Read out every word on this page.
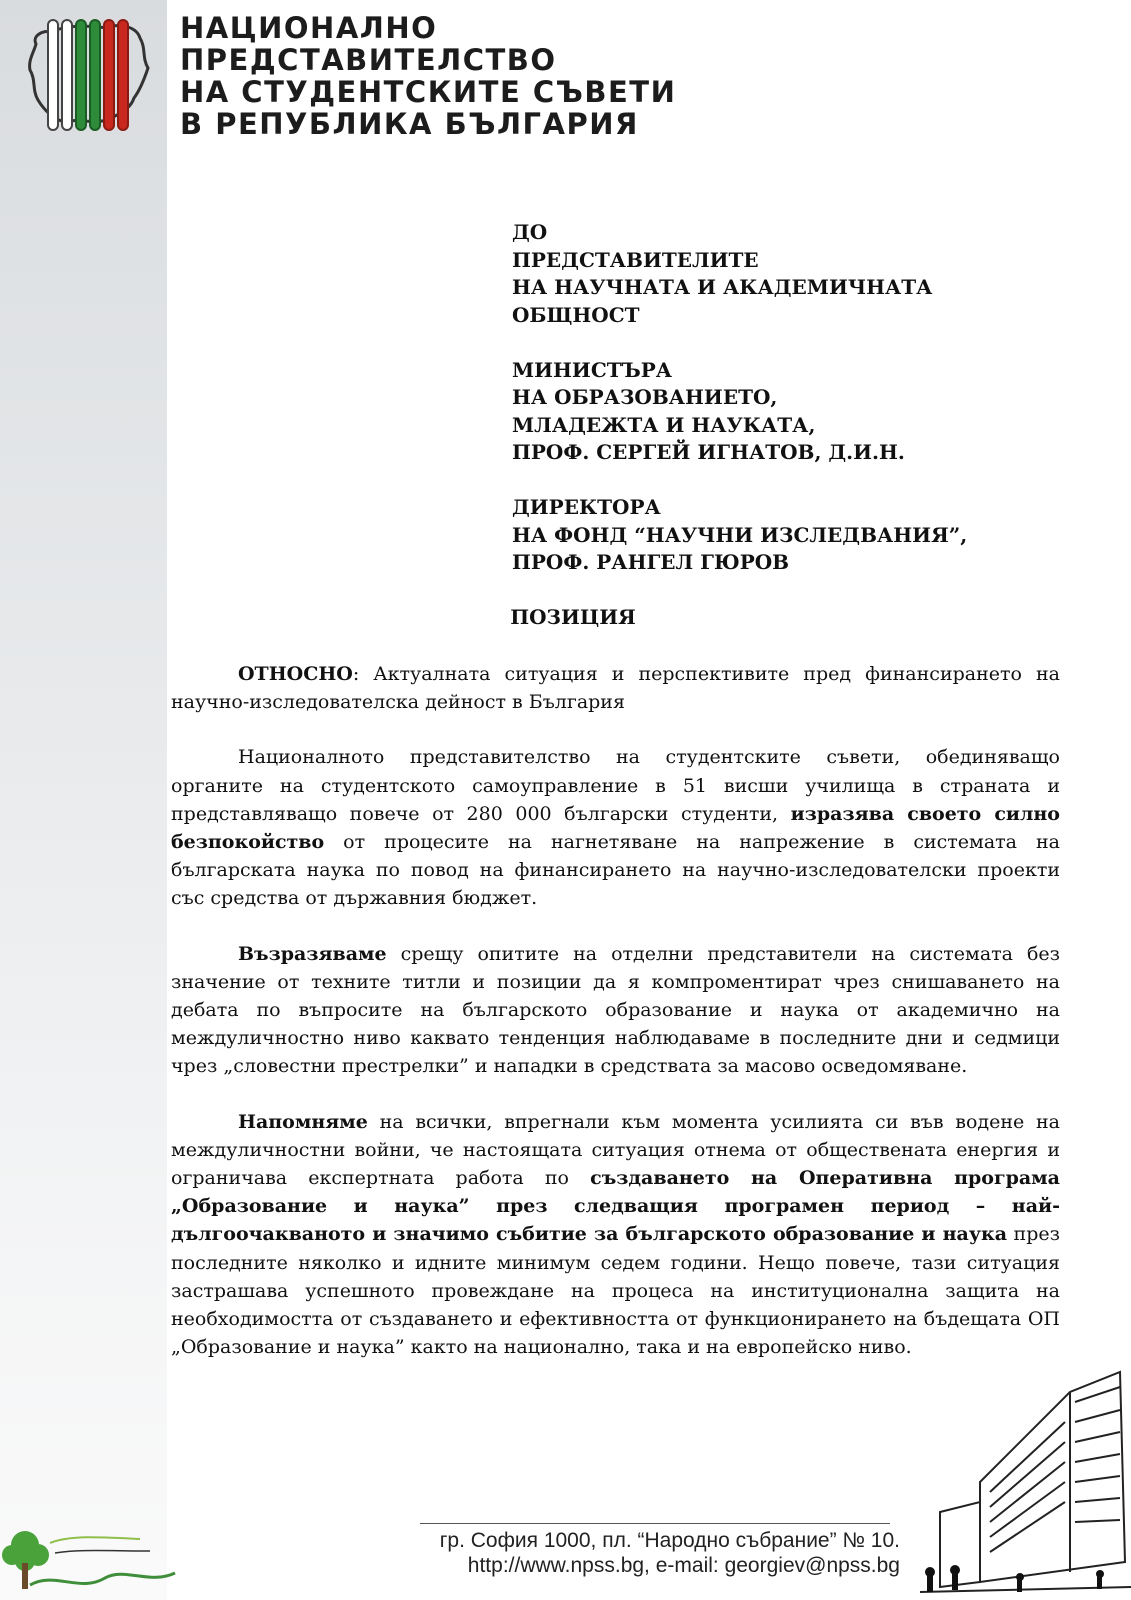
НАЦИОНАЛНО
ПРЕДСТАВИТЕЛСТВО
НА СТУДЕНТСКИТЕ СЪВЕТИ
В РЕПУБЛИКА БЪЛГАРИЯ
ДО
ПРЕДСТАВИТЕЛИТЕ
НА НАУЧНАТА И АКАДЕМИЧНАТА
ОБЩНОСТ
МИНИСТЪРА
НА ОБРАЗОВАНИЕТО,
МЛАДЕЖТА И НАУКАТА,
ПРОФ. СЕРГЕЙ ИГНАТОВ, Д.И.Н.
ДИРЕКТОРА
НА ФОНД “НАУЧНИ ИЗСЛЕДВАНИЯ”,
ПРОФ. РАНГЕЛ ГЮРОВ
ПОЗИЦИЯ

ОТНОСНО: Актуалната ситуация и перспективите пред финансирането на научно-изследователска дейност в България

Националното представителство на студентските съвети, обединяващо органите на студентското самоуправление в 51 висши училища в страната и представляващо повече от 280 000 български студенти, изразява своето силно безпокойство от процесите на нагнетяване на напрежение в системата на българската наука по повод на финансирането на научно-изследователски проекти със средства от държавния бюджет.

Възразяваме срещу опитите на отделни представители на системата без значение от техните титли и позиции да я компроментират чрез снишаването на дебата по въпросите на българското образование и наука от академично на междуличностно ниво каквато тенденция наблюдаваме в последните дни и седмици чрез „словестни престрелки” и нападки в средствата за масово осведомяване.

Напомняме на всички, впрегнали към момента усилията си във водене на междуличностни войни, че настоящата ситуация отнема от обществената енергия и ограничава експертната работа по създаването на Оперативна програма „Образование и наука” през следващия програмен период – най-дългоочакваното и значимо събитие за българското образование и наука през последните няколко и идните минимум седем години. Нещо повече, тази ситуация застрашава успешното провеждане на процеса на институционална защита на необходимостта от създаването и ефективността от функционирането на бъдещата ОП „Образование и наука” както на национално, така и на европейско ниво.

гр. София 1000, пл. “Народно събрание” № 10.
http://www.npss.bg, e-mail: georgiev@npss.bg
